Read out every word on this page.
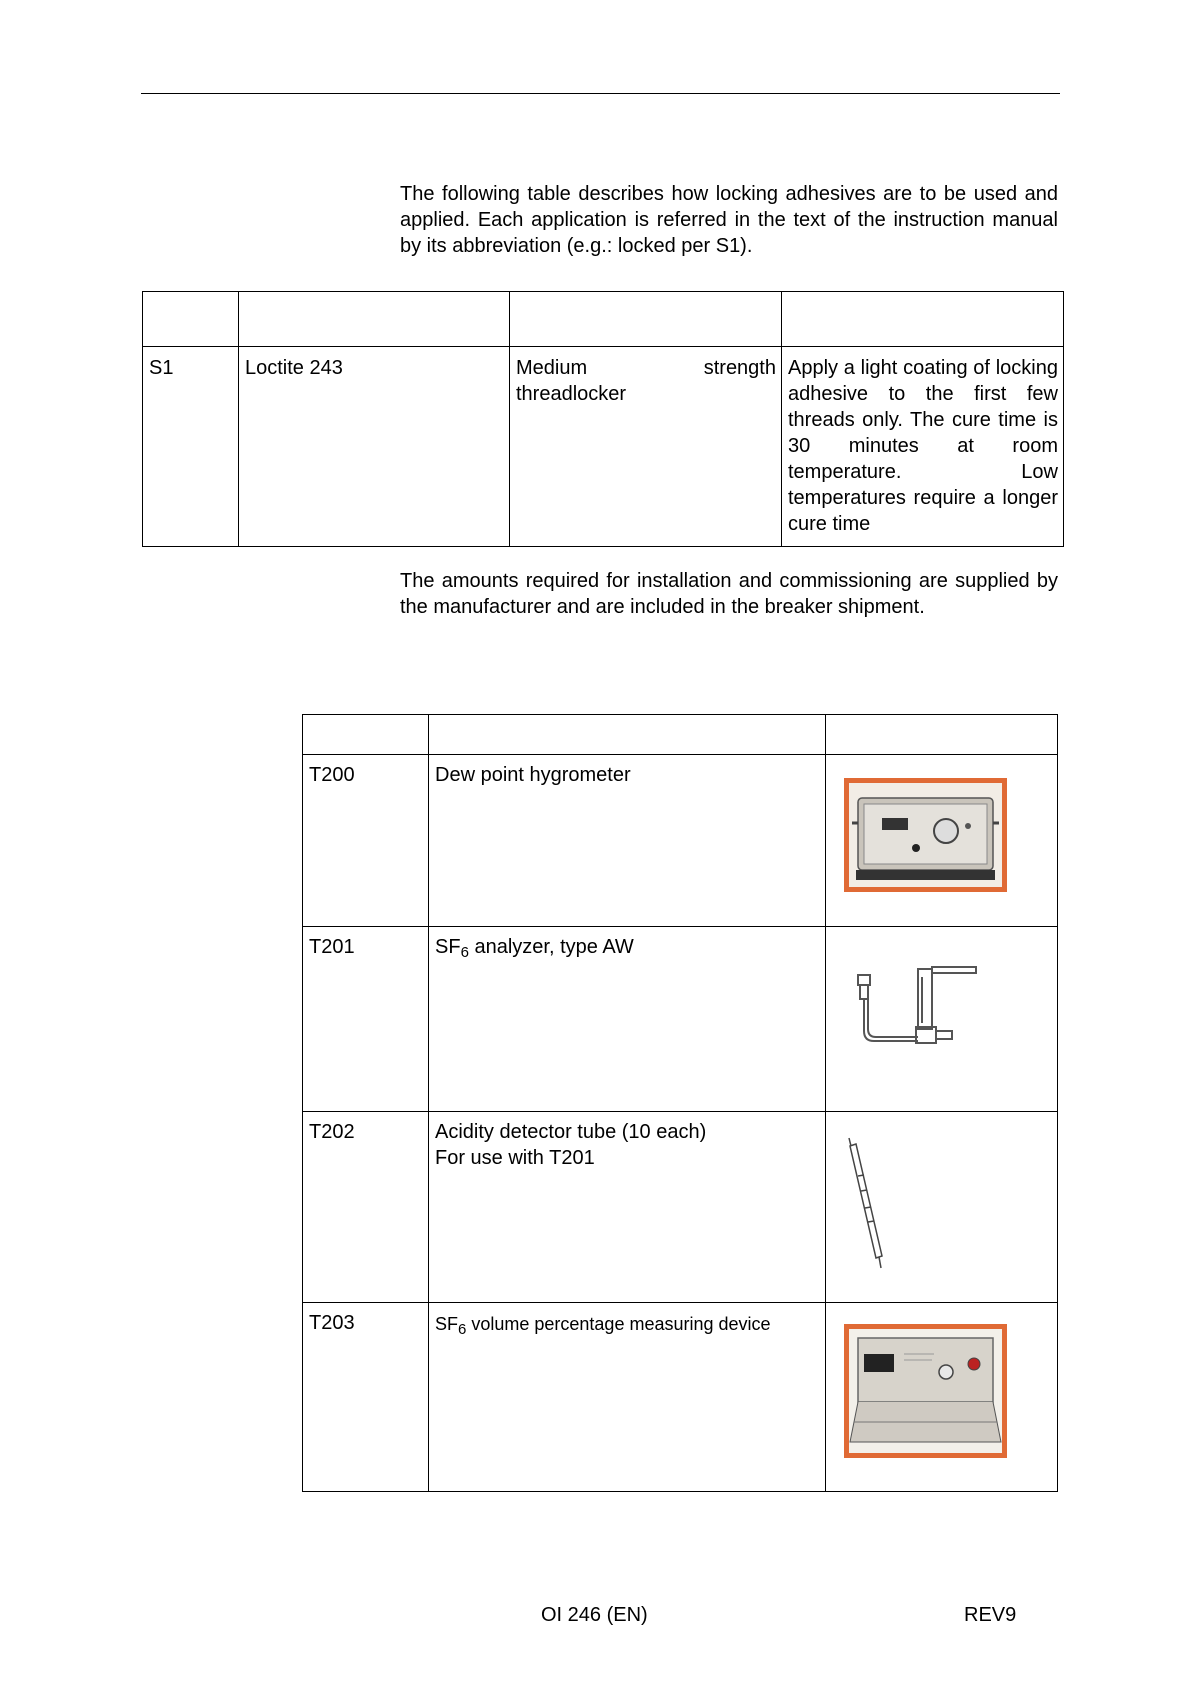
The following table describes how locking adhesives are to be used and applied. Each application is referred in the text of the instruction manual by its abbreviation (e.g.: locked per S1).

S1	Loctite 243	Medium strength threadlocker	Apply a light coating of locking adhesive to the first few threads only. The cure time is 30 minutes at room temperature. Low temperatures require a longer cure time

The amounts required for installation and commissioning are supplied by the manufacturer and are included in the breaker shipment.

T200	Dew point hygrometer	

T201	$SF_6$ analyzer, type AW	

T202	Acidity detector tube (10 each)
For use with T201	

T203	$SF_6$ volume percentage measuring device	
OI 246 (EN)	REV9
